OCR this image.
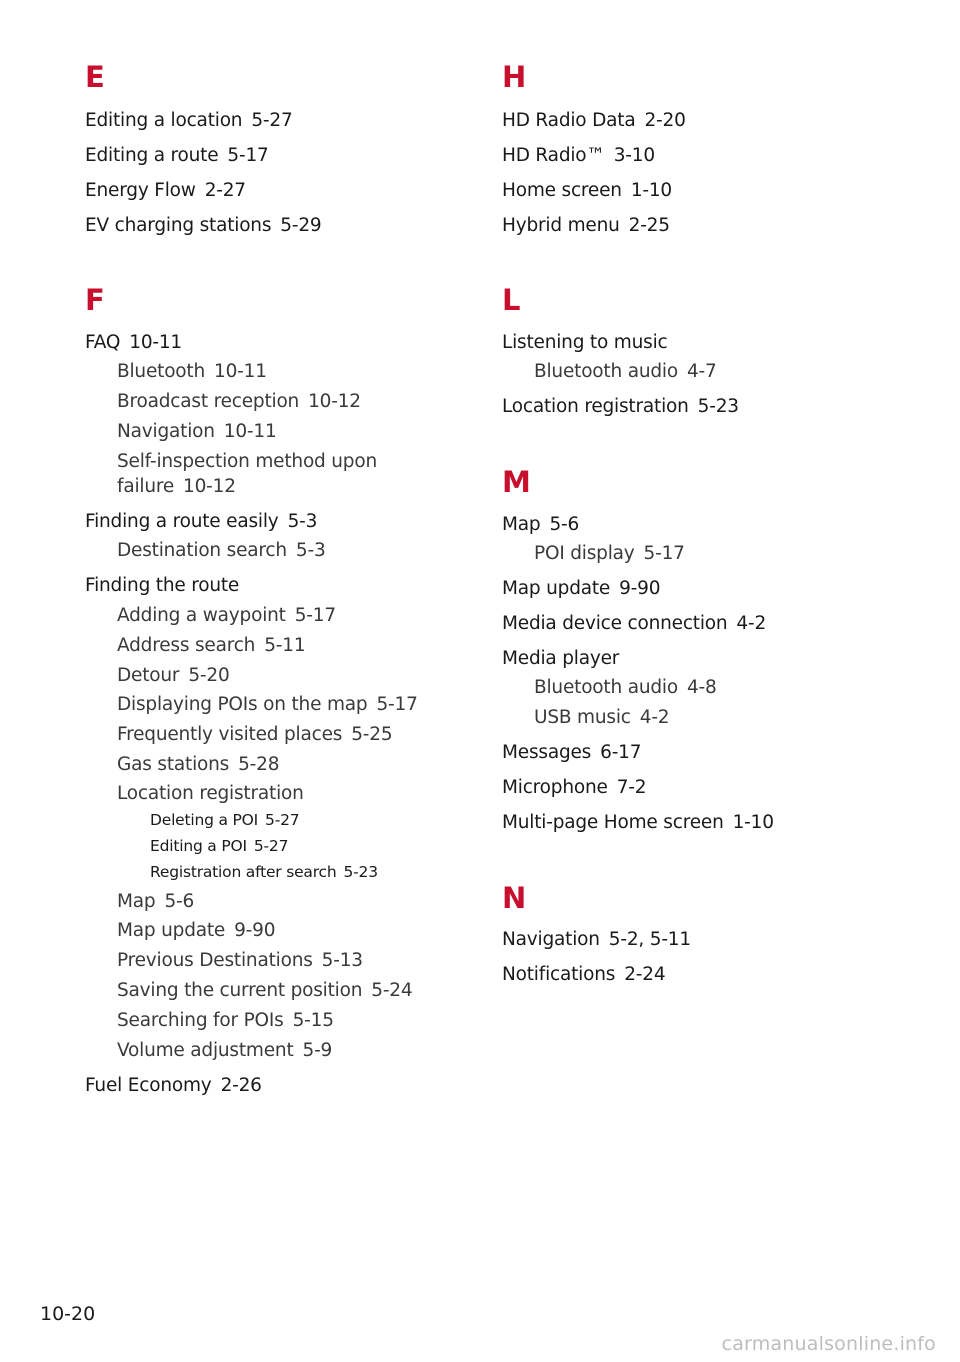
E
Editing a location 5-27
Editing a route 5-17
Energy Flow 2-27
EV charging stations 5-29
F
FAQ 10-11
Bluetooth 10-11
Broadcast reception 10-12
Navigation 10-11
Self-inspection method upon failure 10-12
Finding a route easily 5-3
Destination search 5-3
Finding the route
Adding a waypoint 5-17
Address search 5-11
Detour 5-20
Displaying POIs on the map 5-17
Frequently visited places 5-25
Gas stations 5-28
Location registration
Deleting a POI 5-27
Editing a POI 5-27
Registration after search 5-23
Map 5-6
Map update 9-90
Previous Destinations 5-13
Saving the current position 5-24
Searching for POIs 5-15
Volume adjustment 5-9
Fuel Economy 2-26
H
HD Radio Data 2-20
HD Radio™ 3-10
Home screen 1-10
Hybrid menu 2-25
L
Listening to music
Bluetooth audio 4-7
Location registration 5-23
M
Map 5-6
POI display 5-17
Map update 9-90
Media device connection 4-2
Media player
Bluetooth audio 4-8
USB music 4-2
Messages 6-17
Microphone 7-2
Multi-page Home screen 1-10
N
Navigation 5-2, 5-11
Notifications 2-24
10-20
carmanualsonline.info
